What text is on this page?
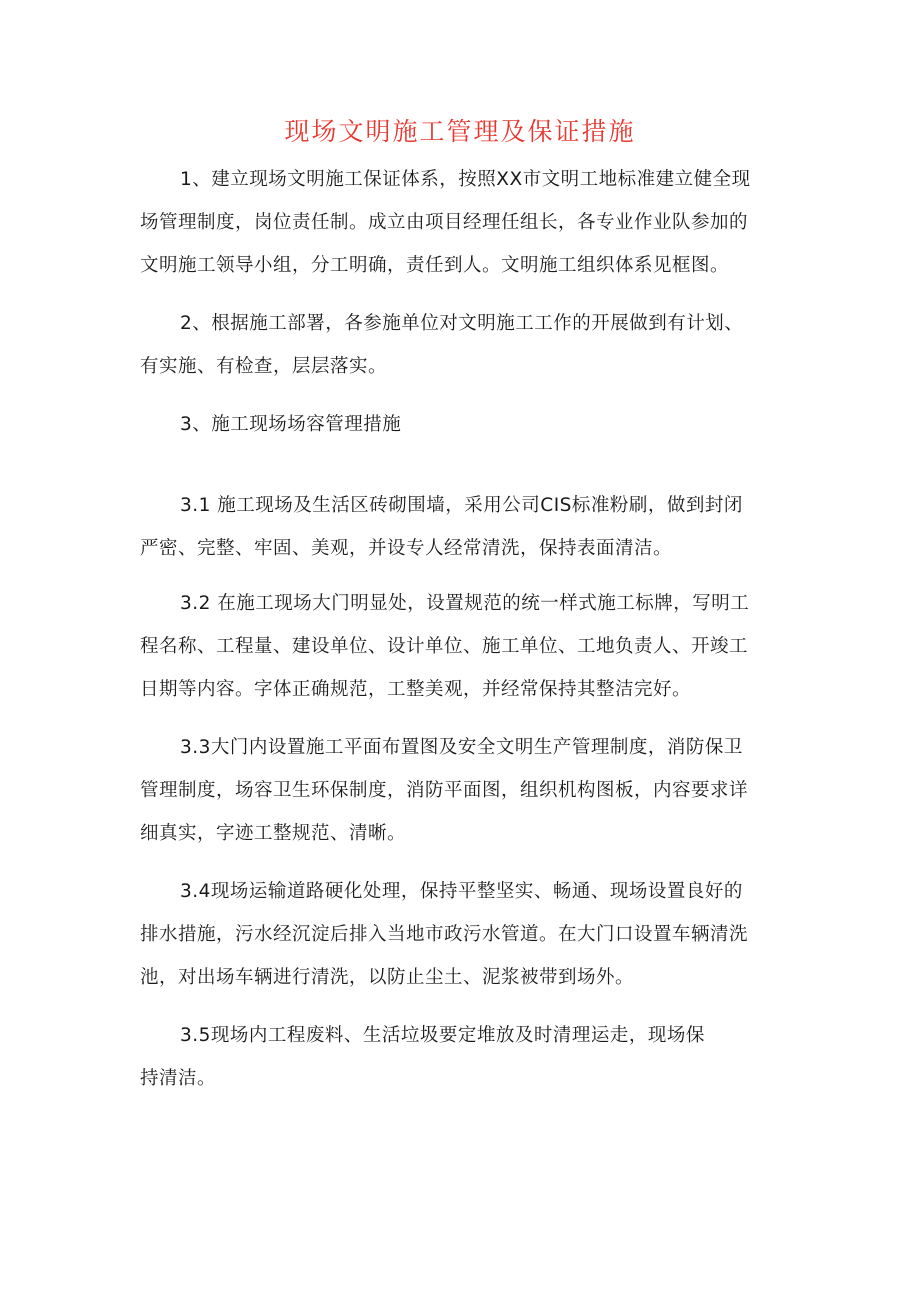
现场文明施工管理及保证措施
1、建立现场文明施工保证体系，按照XX市文明工地标准建立健全现
场管理制度，岗位责任制。成立由项目经理任组长，各专业作业队参加的
文明施工领导小组，分工明确，责任到人。文明施工组织体系见框图。
2、根据施工部署，各参施单位对文明施工工作的开展做到有计划、
有实施、有检查，层层落实。
3、施工现场场容管理措施
3.1 施工现场及生活区砖砌围墙，采用公司CIS标准粉刷，做到封闭
严密、完整、牢固、美观，并设专人经常清洗，保持表面清洁。
3.2 在施工现场大门明显处，设置规范的统一样式施工标牌，写明工
程名称、工程量、建设单位、设计单位、施工单位、工地负责人、开竣工
日期等内容。字体正确规范，工整美观，并经常保持其整洁完好。
3.3大门内设置施工平面布置图及安全文明生产管理制度，消防保卫
管理制度，场容卫生环保制度，消防平面图，组织机构图板，内容要求详
细真实，字迹工整规范、清晰。
3.4现场运输道路硬化处理，保持平整坚实、畅通、现场设置良好的
排水措施，污水经沉淀后排入当地市政污水管道。在大门口设置车辆清洗
池，对出场车辆进行清洗，以防止尘土、泥浆被带到场外。
3.5现场内工程废料、生活垃圾要定堆放及时清理运走，现场保
持清洁。
